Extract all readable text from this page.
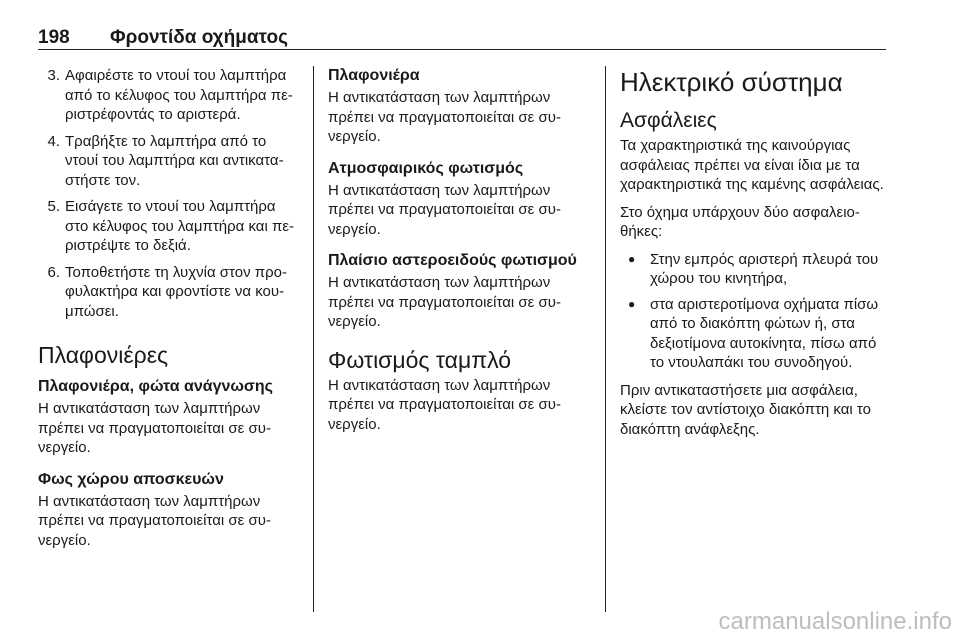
198 Φροντίδα οχήματος
3. Αφαιρέστε το ντουί του λαμπτήρα από το κέλυφος του λαμπτήρα περιστρέφοντάς το αριστερά.
4. Τραβήξτε το λαμπτήρα από το ντουί του λαμπτήρα και αντικαταστήστε τον.
5. Εισάγετε το ντουί του λαμπτήρα στο κέλυφος του λαμπτήρα και περιστρέψτε το δεξιά.
6. Τοποθετήστε τη λυχνία στον προφυλακτήρα και φροντίστε να κουμπώσει.
Πλαφονιέρες
Πλαφονιέρα, φώτα ανάγνωσης

Η αντικατάσταση των λαμπτήρων πρέπει να πραγματοποιείται σε συνεργείο.

Φως χώρου αποσκευών

Η αντικατάσταση των λαμπτήρων πρέπει να πραγματοποιείται σε συνεργείο.

Πλαφονιέρα

Η αντικατάσταση των λαμπτήρων πρέπει να πραγματοποιείται σε συνεργείο.

Ατμοσφαιρικός φωτισμός

Η αντικατάσταση των λαμπτήρων πρέπει να πραγματοποιείται σε συνεργείο.

Πλαίσιο αστεροειδούς φωτισμού

Η αντικατάσταση των λαμπτήρων πρέπει να πραγματοποιείται σε συνεργείο.

Φωτισμός ταμπλό

Η αντικατάσταση των λαμπτήρων πρέπει να πραγματοποιείται σε συνεργείο.

Ηλεκτρικό σύστημα
Ασφάλειες

Τα χαρακτηριστικά της καινούργιας ασφάλειας πρέπει να είναι ίδια με τα χαρακτηριστικά της καμένης ασφάλειας.

Στο όχημα υπάρχουν δύο ασφαλειοθήκες:

● Στην εμπρός αριστερή πλευρά του χώρου του κινητήρα,
● στα αριστεροτίμονα οχήματα πίσω από το διακόπτη φώτων ή, στα δεξιοτίμονα αυτοκίνητα, πίσω από το ντουλαπάκι του συνοδηγού.

Πριν αντικαταστήσετε μια ασφάλεια, κλείστε τον αντίστοιχο διακόπτη και το διακόπτη ανάφλεξης.

carmanualsonline.info
